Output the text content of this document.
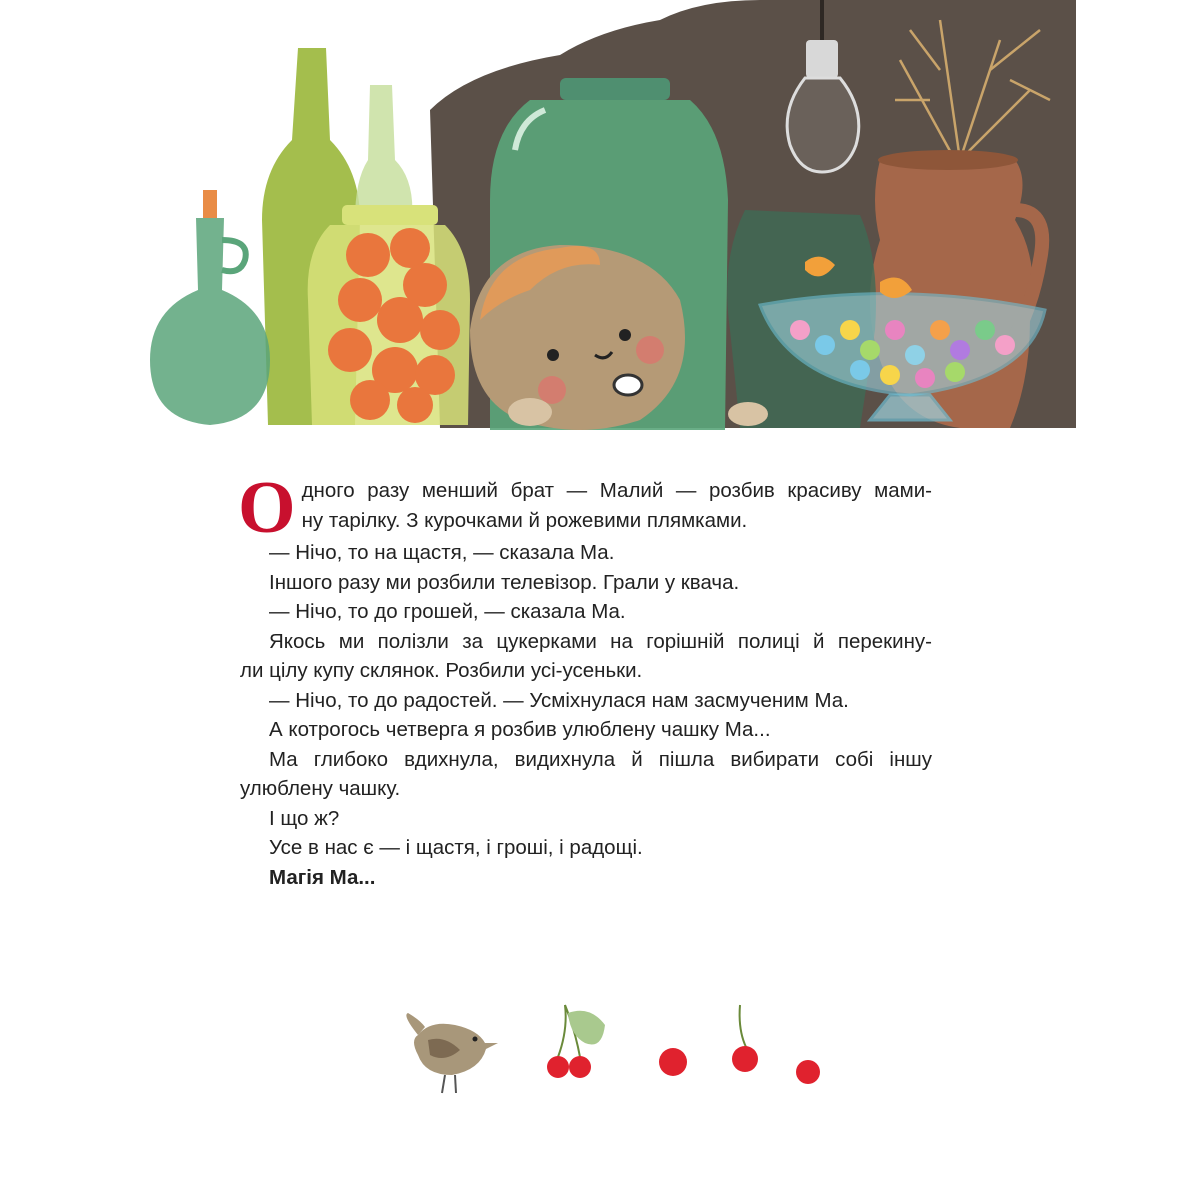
О дного разу менший брат — Малий — розбив красиву мами-

ну тарілку. З курочками й рожевими плямками.

— Нічо, то на щастя, — сказала Ма.

Іншого разу ми розбили телевізор. Грали у квача.

— Нічо, то до грошей, — сказала Ма.

Якось ми полізли за цукерками на горішній полиці й перекину-

ли цілу купу склянок. Розбили усі-усеньки.

— Нічо, то до радостей. — Усміхнулася нам засмученим Ма.

А котрогось четверга я розбив улюблену чашку Ма...

Ма глибоко вдихнула, видихнула й пішла вибирати собі іншу

улюблену чашку.

І що ж?

Усе в нас є — і щастя, і гроші, і радощі.

Магія Ма...
